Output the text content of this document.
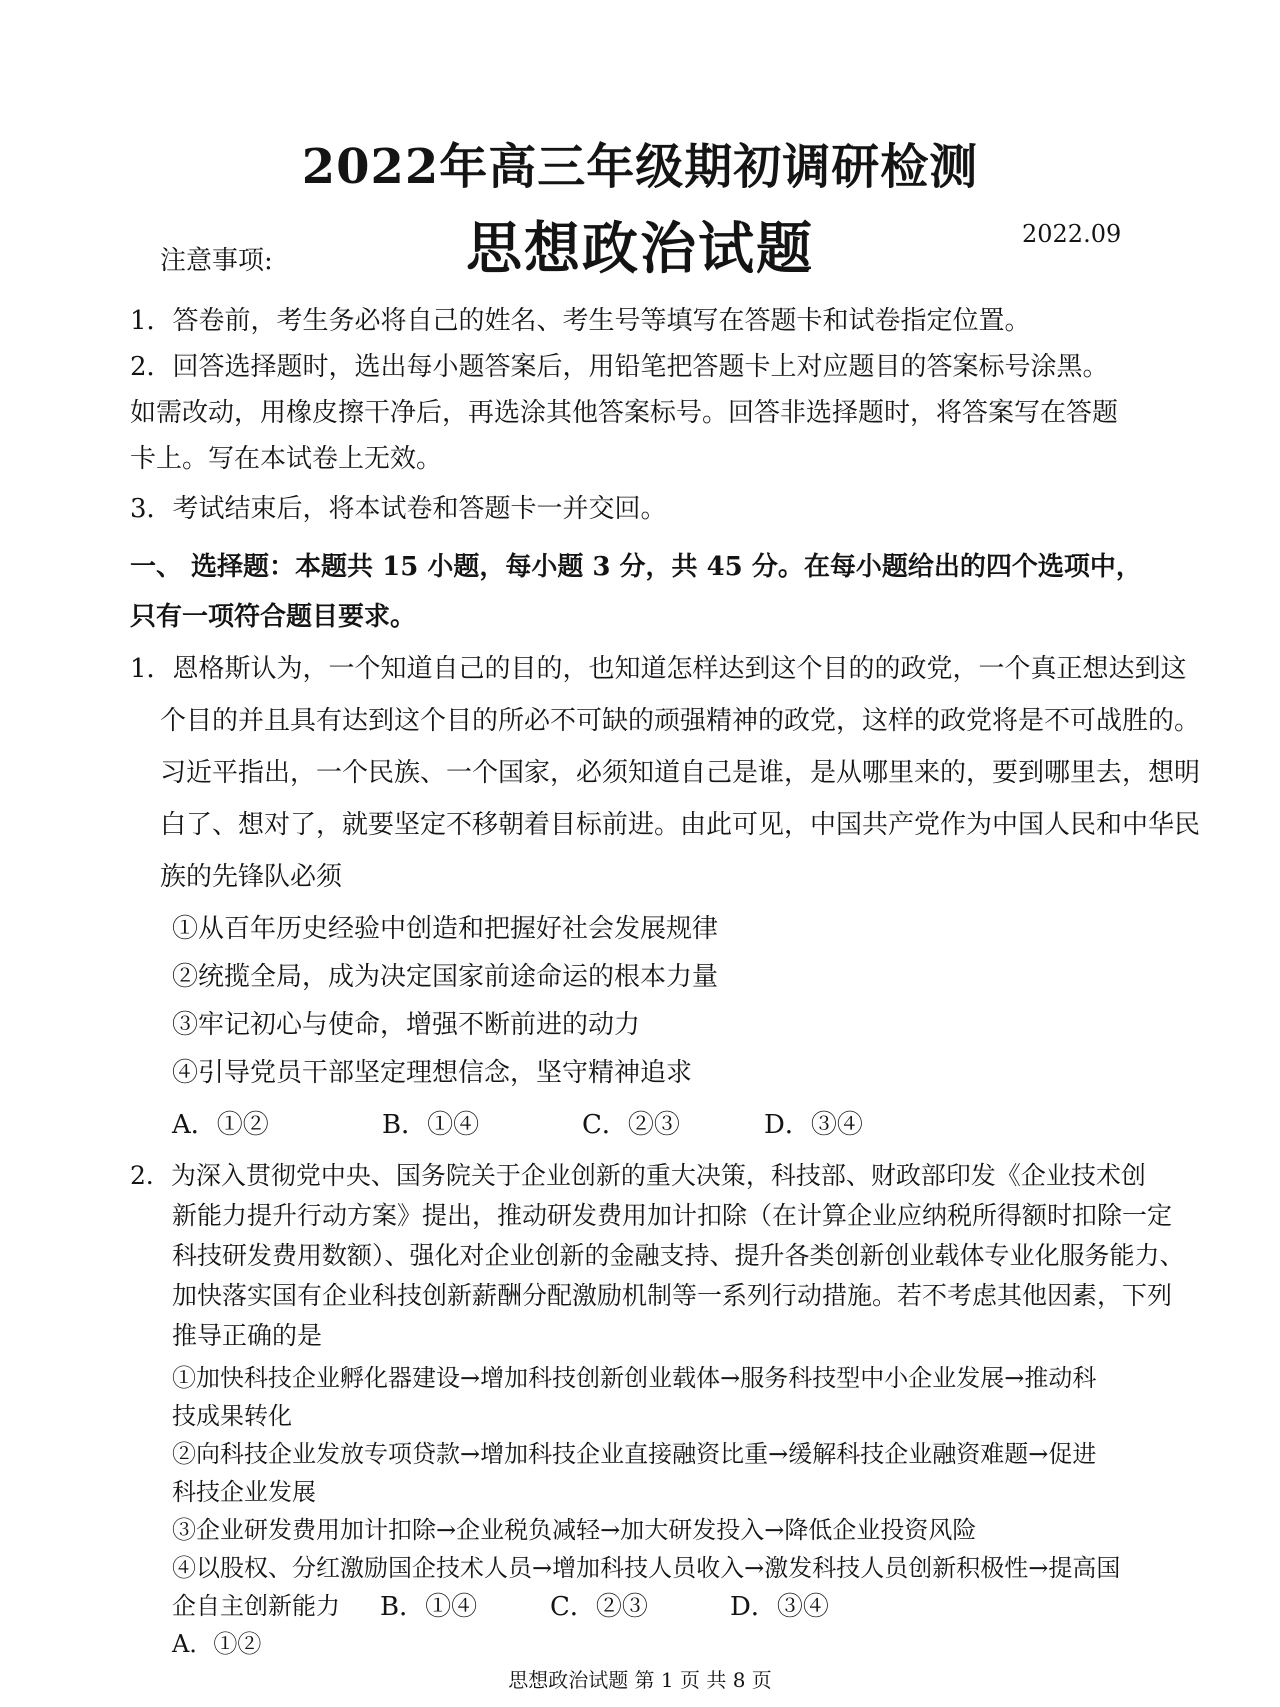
2022年高三年级期初调研检测
思想政治试题	2022.09
注意事项:
1．答卷前，考生务必将自己的姓名、考生号等填写在答题卡和试卷指定位置。
2．回答选择题时，选出每小题答案后，用铅笔把答题卡上对应题目的答案标号涂黑。
如需改动，用橡皮擦干净后，再选涂其他答案标号。回答非选择题时，将答案写在答题
卡上。写在本试卷上无效。
3．考试结束后，将本试卷和答题卡一并交回。
一、 选择题：本题共 15 小题，每小题 3 分，共 45 分。在每小题给出的四个选项中，
只有一项符合题目要求。
1．恩格斯认为，一个知道自己的目的，也知道怎样达到这个目的的政党，一个真正想达到这
个目的并且具有达到这个目的所必不可缺的顽强精神的政党，这样的政党将是不可战胜的。
习近平指出，一个民族、一个国家，必须知道自己是谁，是从哪里来的，要到哪里去，想明
白了、想对了，就要坚定不移朝着目标前进。由此可见，中国共产党作为中国人民和中华民
族的先锋队必须
①从百年历史经验中创造和把握好社会发展规律
②统揽全局，成为决定国家前途命运的根本力量
③牢记初心与使命，增强不断前进的动力
④引导党员干部坚定理想信念，坚守精神追求
A．①②	B．①④	C．②③	D．③④
2．为深入贯彻党中央、国务院关于企业创新的重大决策，科技部、财政部印发《企业技术创
新能力提升行动方案》提出，推动研发费用加计扣除（在计算企业应纳税所得额时扣除一定
科技研发费用数额）、强化对企业创新的金融支持、提升各类创新创业载体专业化服务能力、
加快落实国有企业科技创新薪酬分配激励机制等一系列行动措施。若不考虑其他因素，下列
推导正确的是
①加快科技企业孵化器建设→增加科技创新创业载体→服务科技型中小企业发展→推动科
技成果转化
②向科技企业发放专项贷款→增加科技企业直接融资比重→缓解科技企业融资难题→促进
科技企业发展
③企业研发费用加计扣除→企业税负减轻→加大研发投入→降低企业投资风险
④以股权、分红激励国企技术人员→增加科技人员收入→激发科技人员创新积极性→提高国
企自主创新能力
思想政治试题 第 1 页 共 8 页
B．①④	C．②③	D．③④
A．①②
